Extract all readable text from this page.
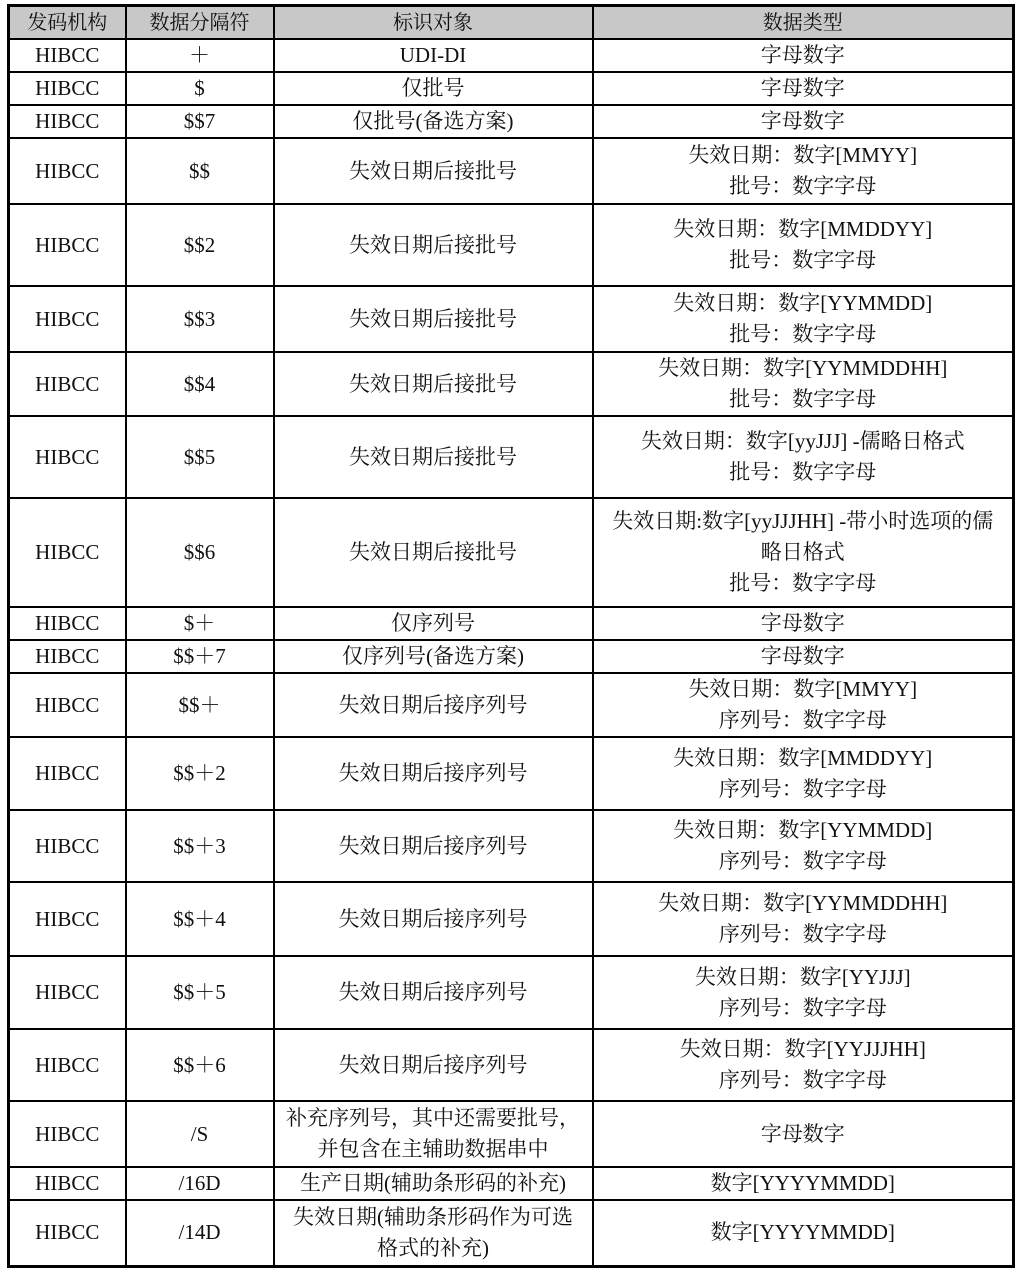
发码机构	数据分隔符	标识对象	数据类型
HIBCC	＋	UDI-DI	字母数字

HIBCC	$	仅批号	字母数字

HIBCC	$$7	仅批号(备选方案)	字母数字

HIBCC	$$	失效日期后接批号	失效日期：数字[MMYY]
批号：数字字母

HIBCC	$$2	失效日期后接批号	失效日期：数字[MMDDYY]
批号：数字字母

HIBCC	$$3	失效日期后接批号	失效日期：数字[YYMMDD]
批号：数字字母

HIBCC	$$4	失效日期后接批号	失效日期：数字[YYMMDDHH]
批号：数字字母

HIBCC	$$5	失效日期后接批号	失效日期：数字[yyJJJ] -儒略日格式
批号：数字字母

HIBCC	$$6	失效日期后接批号	失效日期:数字[yyJJJHH] -带小时选项的儒
略日格式
批号：数字字母

HIBCC	$＋	仅序列号	字母数字

HIBCC	$$＋7	仅序列号(备选方案)	字母数字

HIBCC	$$＋	失效日期后接序列号	失效日期：数字[MMYY]
序列号：数字字母

HIBCC	$$＋2	失效日期后接序列号	失效日期：数字[MMDDYY]
序列号：数字字母

HIBCC	$$＋3	失效日期后接序列号	失效日期：数字[YYMMDD]
序列号：数字字母

HIBCC	$$＋4	失效日期后接序列号	失效日期：数字[YYMMDDHH]
序列号：数字字母

HIBCC	$$＋5	失效日期后接序列号	失效日期：数字[YYJJJ]
序列号：数字字母

HIBCC	$$＋6	失效日期后接序列号	失效日期：数字[YYJJJHH]
序列号：数字字母

HIBCC	/S	补充序列号，其中还需要批号，
并包含在主辅助数据串中	字母数字

HIBCC	/16D	生产日期(辅助条形码的补充)	数字[YYYYMMDD]

HIBCC	/14D	失效日期(辅助条形码作为可选
格式的补充)	数字[YYYYMMDD]
